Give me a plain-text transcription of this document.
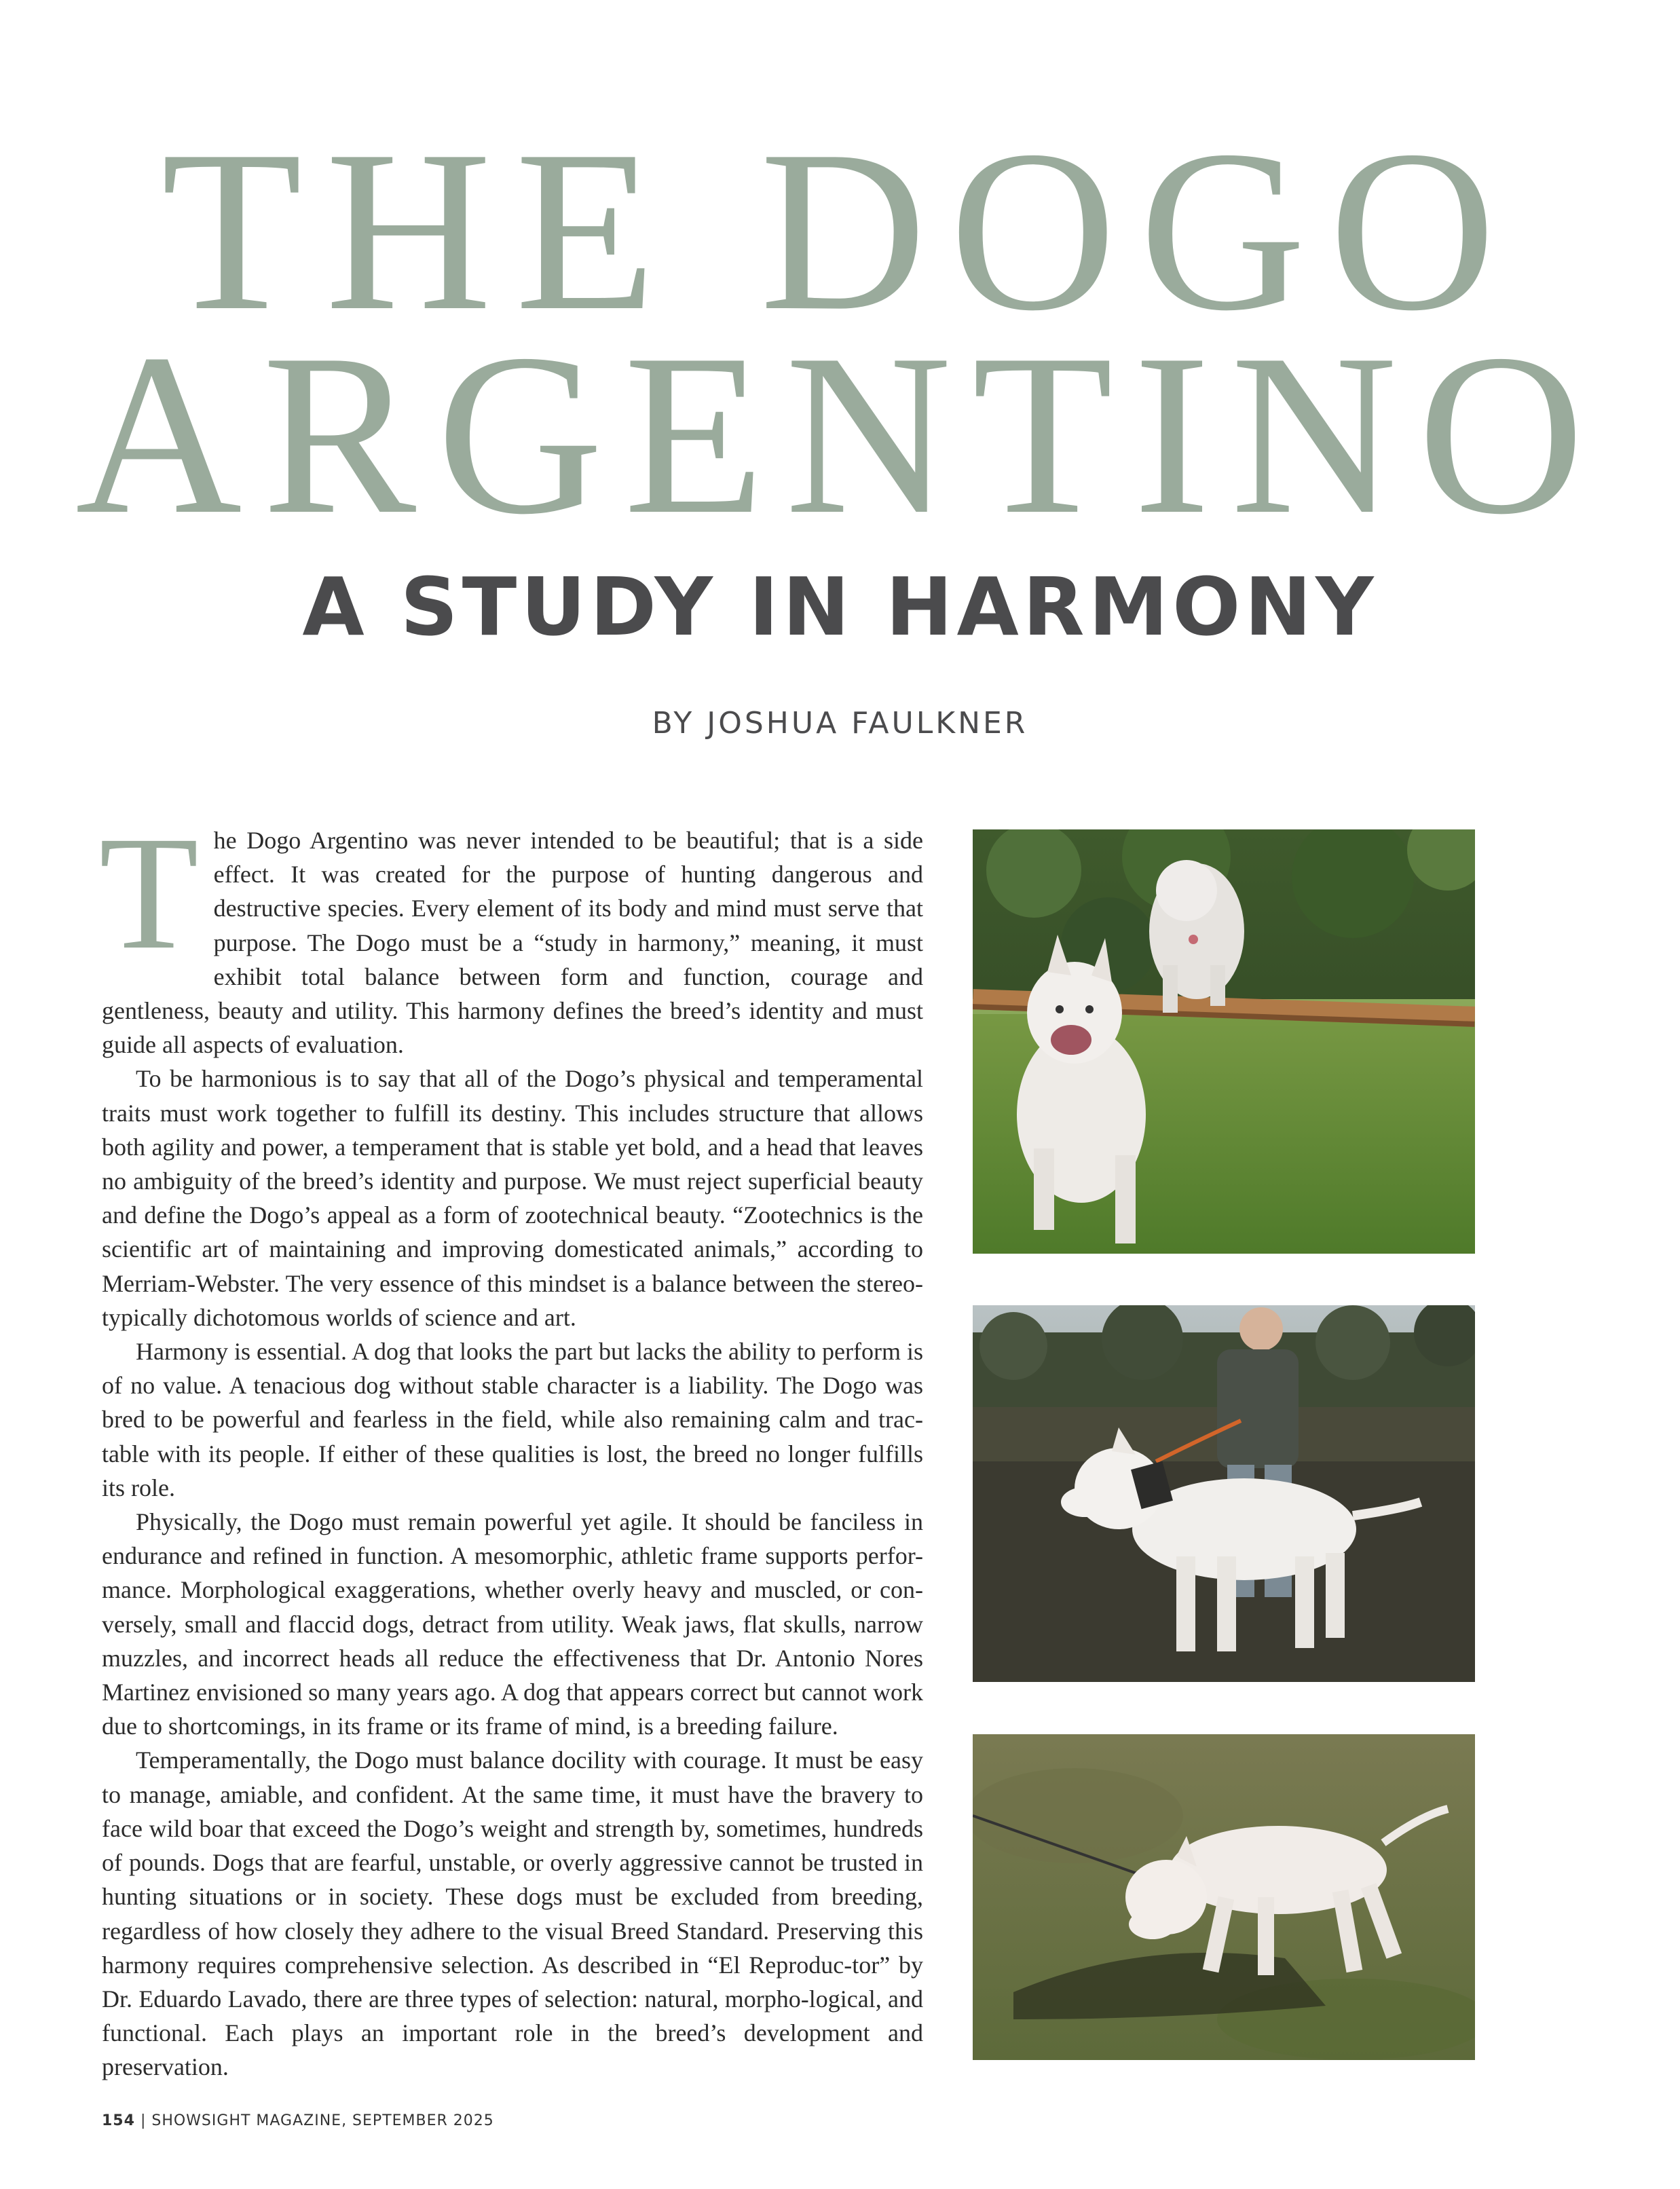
THE DOGO
ARGENTINO
A STUDY IN HARMONY
BY JOSHUA FAULKNER

The Dogo Argentino was never intended to be beautiful; that is a side effect. It was created for the purpose of hunting dangerous and destructive species. Every element of its body and mind must serve that purpose. The Dogo must be a “study in harmony,” meaning, it must exhibit total balance between form and function, courage and gentleness, beauty and utility. This harmony defines the breed’s identity and must guide all aspects of evaluation.

To be harmonious is to say that all of the Dogo’s physical and temperamental traits must work together to fulfill its destiny. This includes structure that allows both agility and power, a temperament that is stable yet bold, and a head that leaves no ambiguity of the breed’s identity and purpose. We must reject superficial beauty and define the Dogo’s appeal as a form of zootechnical beauty. “Zootechnics is the scientific art of maintaining and improving domesticated animals,” according to Merriam-Webster. The very essence of this mindset is a balance between the stereo-typically dichotomous worlds of science and art.

Harmony is essential. A dog that looks the part but lacks the ability to perform is of no value. A tenacious dog without stable character is a liability. The Dogo was bred to be powerful and fearless in the field, while also remaining calm and trac-table with its people. If either of these qualities is lost, the breed no longer fulfills its role.

Physically, the Dogo must remain powerful yet agile. It should be fanciless in endurance and refined in function. A mesomorphic, athletic frame supports perfor-mance. Morphological exaggerations, whether overly heavy and muscled, or con-versely, small and flaccid dogs, detract from utility. Weak jaws, flat skulls, narrow muzzles, and incorrect heads all reduce the effectiveness that Dr. Antonio Nores Martinez envisioned so many years ago. A dog that appears correct but cannot work due to shortcomings, in its frame or its frame of mind, is a breeding failure.

Temperamentally, the Dogo must balance docility with courage. It must be easy to manage, amiable, and confident. At the same time, it must have the bravery to face wild boar that exceed the Dogo’s weight and strength by, sometimes, hundreds of pounds. Dogs that are fearful, unstable, or overly aggressive cannot be trusted in hunting situations or in society. These dogs must be excluded from breeding, regardless of how closely they adhere to the visual Breed Standard. Preserving this harmony requires comprehensive selection. As described in “El Reproduc-tor” by Dr. Eduardo Lavado, there are three types of selection: natural, morpho-logical, and functional. Each plays an important role in the breed’s development and preservation.

154 | SHOWSIGHT MAGAZINE, SEPTEMBER 2025
